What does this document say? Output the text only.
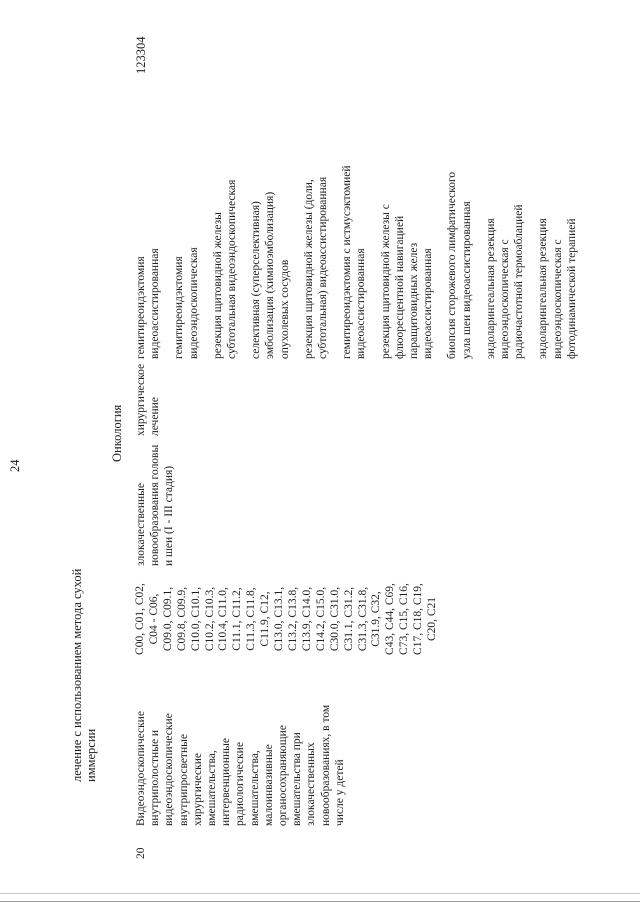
24
лечение с использованием метода сухой иммерсии
123304
Онкология
20
Видеоэндоскопические внутриполостные и видеоэндоскопические внутрипросветные хирургические вмешательства, интервенционные радиологические вмешательства, малоинвазивные органосохраняющие вмешательства при злокачественных новообразованиях, в том числе у детей
C00, C01, C02, C04 - C06, C09.0, C09.1, C09.8, C09.9, C10.0, C10.1, C10.2, C10.3, C10.4, C11.0, C11.1, C11.2, C11.3, C11.8, C11.9, C12, C13.0, C13.1, C13.2, C13.8, C13.9, C14.0, C14.2, C15.0, C30.0, C31.0, C31.1, C31.2, C31.3, C31.8, C31.9, C32, C43, C44, C69, C73, C15, C16, C17, C18, C19, C20, C21
злокачественные новообразования головы и шеи (I - III стадия)
хирургическое лечение
гемитиреоидэктомия видеоассистированная гемитиреоидэктомия видеоэндоскопическая резекция щитовидной железы субтотальная видеоэндоскопическая селективная (суперселективная) эмболизация (химиоэмболизация) опухолевых сосудов резекция щитовидной железы (доли, субтотальная) видеоассистированная гемитиреоидэктомия с истмусэктомией видеоассистированная резекция щитовидной железы с флюоресцентной навигацией паращитовидных желез видеоассистированная биопсия сторожевого лимфатического узла шеи видеоассистированная эндоларингеальная резекция видеоэндоскопическая с радиочастотной термоаблацией эндоларингеальная резекция видеоэндоскопическая с фотодинамической терапией
